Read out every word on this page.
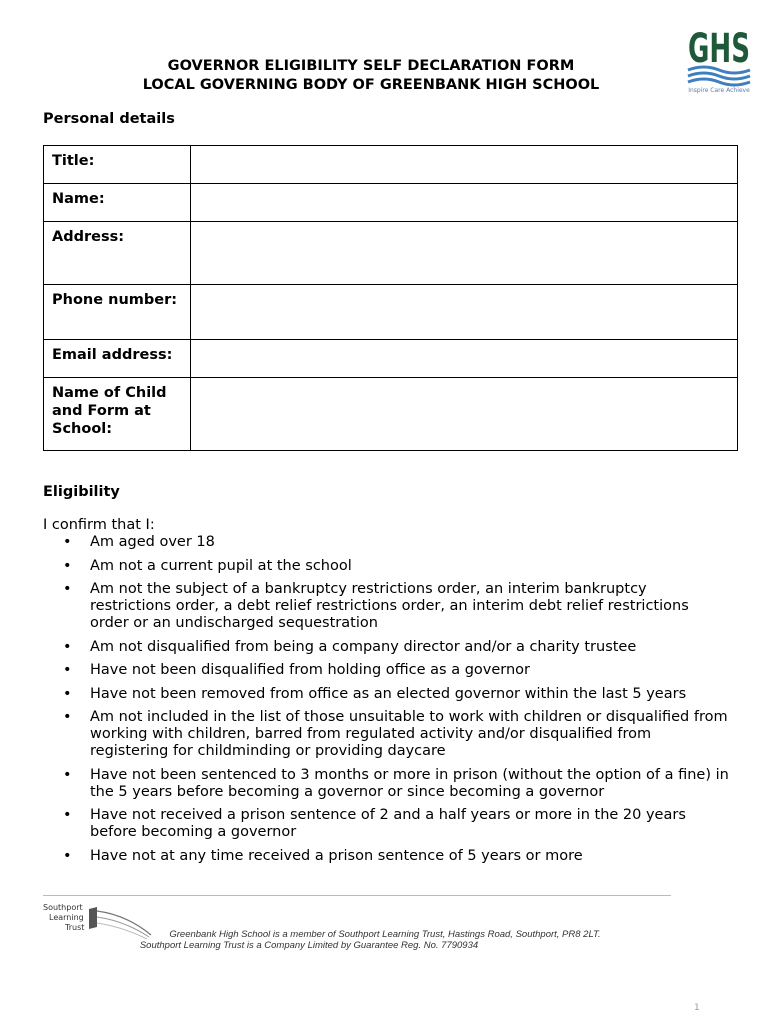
GHS
Inspire Care Achieve
GOVERNOR ELIGIBILITY SELF DECLARATION FORM
LOCAL GOVERNING BODY OF GREENBANK HIGH SCHOOL
Personal details
Title:	
Name:	
Address:	
Phone number:	
Email address:	
Name of Child and Form at School:	
Eligibility
I confirm that I:
• Am aged over 18
• Am not a current pupil at the school
• Am not the subject of a bankruptcy restrictions order, an interim bankruptcy restrictions order, a debt relief restrictions order, an interim debt relief restrictions order or an undischarged sequestration
• Am not disqualified from being a company director and/or a charity trustee
• Have not been disqualified from holding office as a governor
• Have not been removed from office as an elected governor within the last 5 years
• Am not included in the list of those unsuitable to work with children or disqualified from working with children, barred from regulated activity and/or disqualified from registering for childminding or providing daycare
• Have not been sentenced to 3 months or more in prison (without the option of a fine) in the 5 years before becoming a governor or since becoming a governor
• Have not received a prison sentence of 2 and a half years or more in the 20 years before becoming a governor
• Have not at any time received a prison sentence of 5 years or more
Southport
Learning
Trust
Greenbank High School is a member of Southport Learning Trust, Hastings Road, Southport, PR8 2LT.
Southport Learning Trust is a Company Limited by Guarantee Reg. No. 7790934
1
